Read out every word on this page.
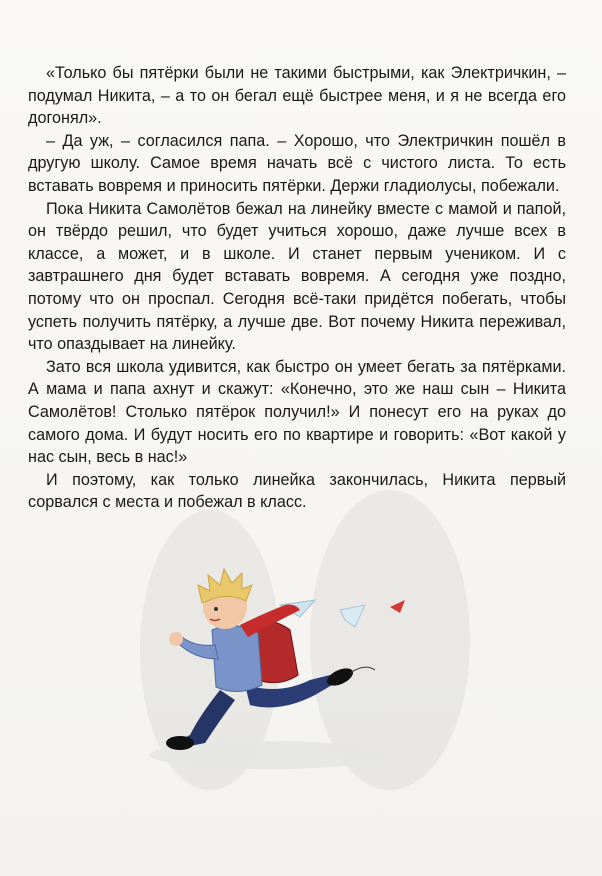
«Только бы пятёрки были не такими быстрыми, как Электричкин, – подумал Никита, – а то он бегал ещё быстрее меня, и я не всегда его догонял».

– Да уж, – согласился папа. – Хорошо, что Электричкин пошёл в другую школу. Самое время начать всё с чистого листа. То есть вставать вовремя и приносить пятёрки. Держи гладиолусы, побежали.

Пока Никита Самолётов бежал на линейку вместе с мамой и папой, он твёрдо решил, что будет учиться хорошо, даже лучше всех в классе, а может, и в школе. И станет первым учеником. И с завтрашнего дня будет вставать вовремя. А сегодня уже поздно, потому что он проспал. Сегодня всё-таки придётся побегать, чтобы успеть получить пятёрку, а лучше две. Вот почему Никита переживал, что опаздывает на линейку.

Зато вся школа удивится, как быстро он умеет бегать за пятёрками. А мама и папа ахнут и скажут: «Конечно, это же наш сын – Никита Самолётов! Столько пятёрок получил!» И понесут его на руках до самого дома. И будут носить его по квартире и говорить: «Вот какой у нас сын, весь в нас!»

И поэтому, как только линейка закончилась, Никита первый сорвался с места и побежал в класс.
